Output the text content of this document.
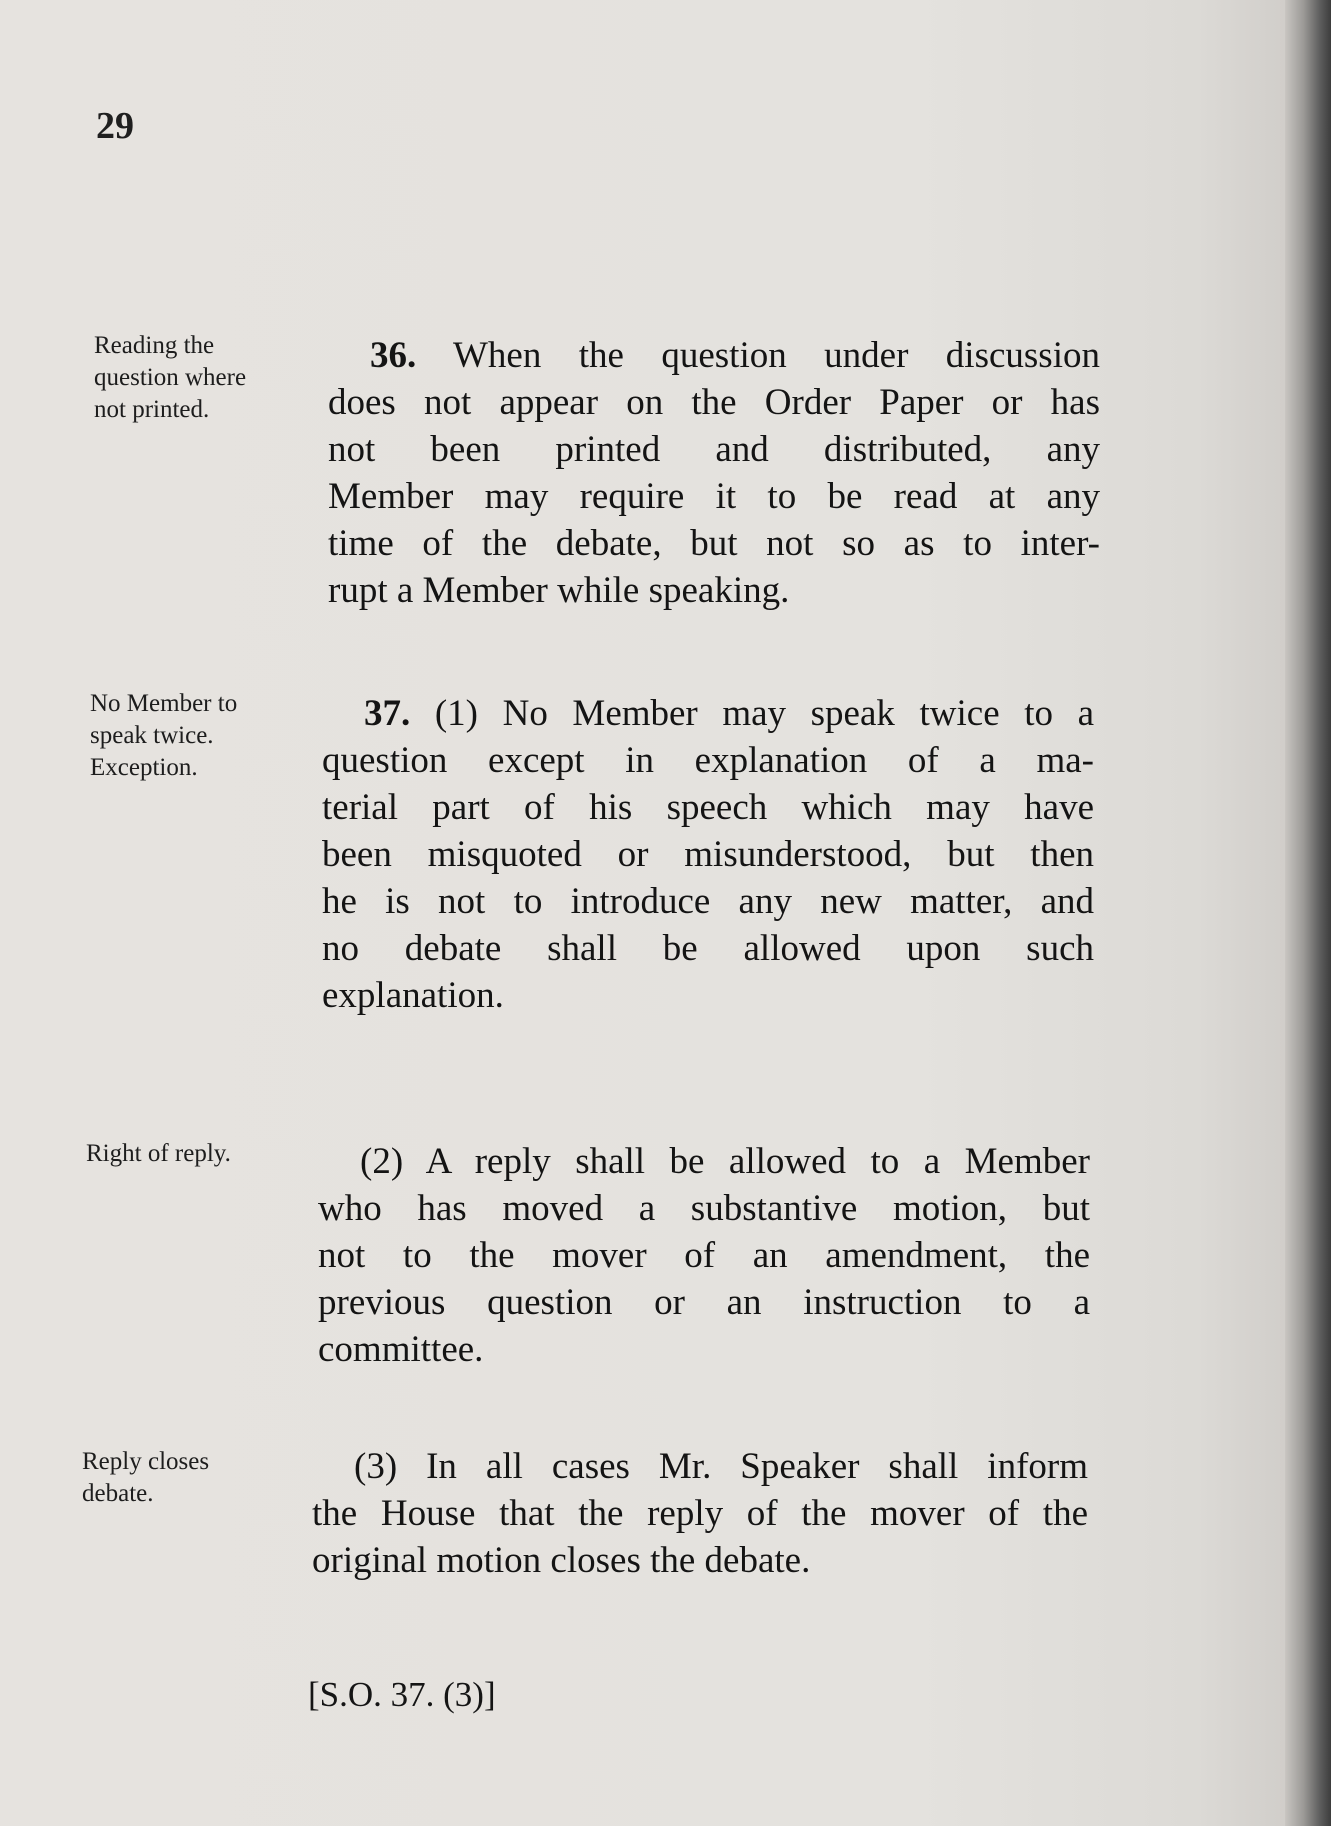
29
Reading the
question where
not printed.
36. When the question under discussion
does not appear on the Order Paper or has
not been printed and distributed, any
Member may require it to be read at any
time of the debate, but not so as to inter-
rupt a Member while speaking.
No Member to
speak twice.
Exception.
37. (1) No Member may speak twice to a
question except in explanation of a ma-
terial part of his speech which may have
been misquoted or misunderstood, but then
he is not to introduce any new matter, and
no debate shall be allowed upon such
explanation.
Right of reply.	(2) A reply shall be allowed to a Member
who has moved a substantive motion, but
not to the mover of an amendment, the
previous question or an instruction to a
committee.
Reply closes
debate.
(3) In all cases Mr. Speaker shall inform
the House that the reply of the mover of the
original motion closes the debate.
[S.O. 37. (3)]
